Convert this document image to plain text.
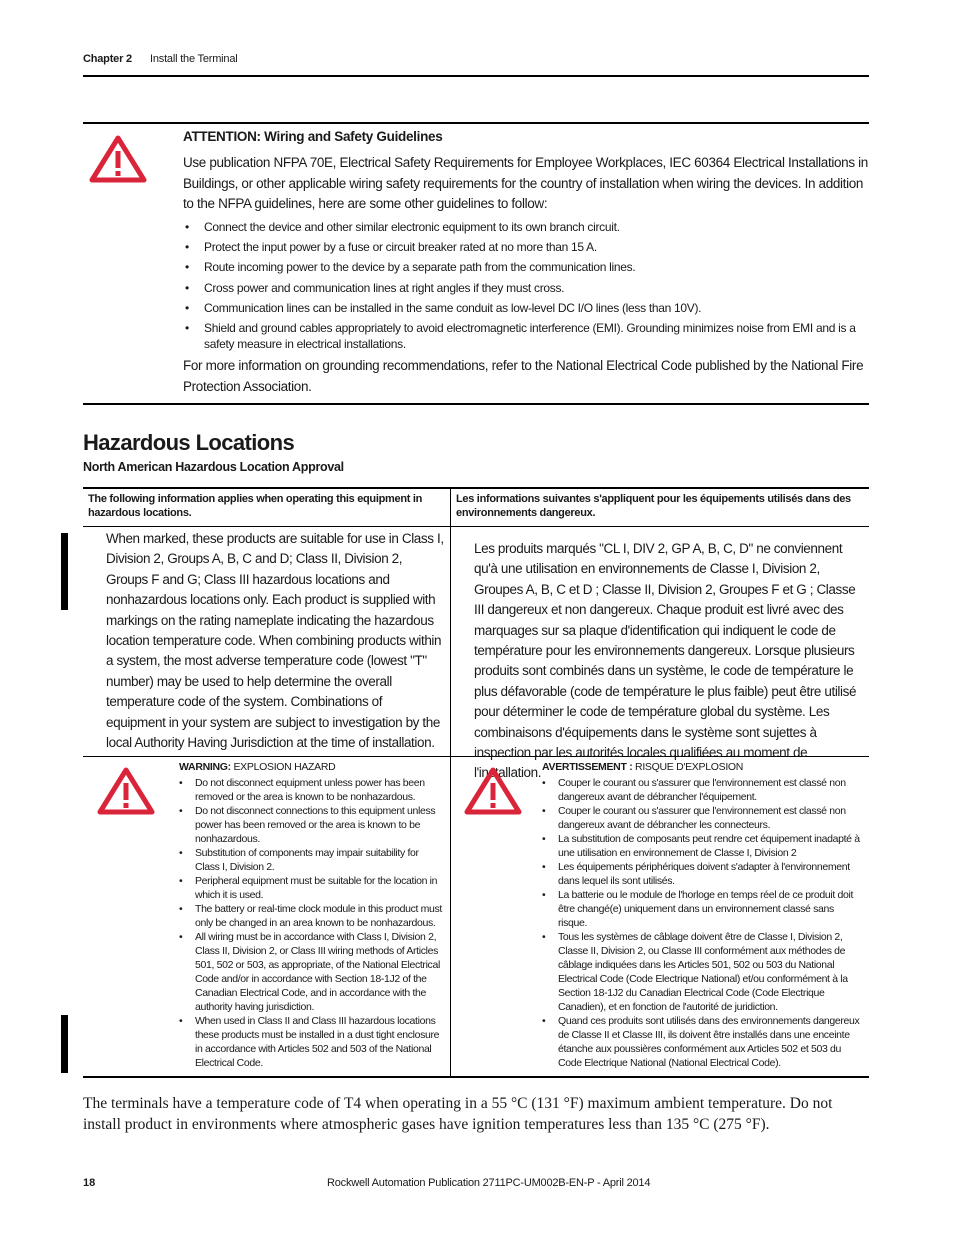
Chapter 2 Install the Terminal
ATTENTION: Wiring and Safety Guidelines
Use publication NFPA 70E, Electrical Safety Requirements for Employee Workplaces, IEC 60364 Electrical Installations in Buildings, or other applicable wiring safety requirements for the country of installation when wiring the devices. In addition to the NFPA guidelines, here are some other guidelines to follow:
• Connect the device and other similar electronic equipment to its own branch circuit.
• Protect the input power by a fuse or circuit breaker rated at no more than 15 A.
• Route incoming power to the device by a separate path from the communication lines.
• Cross power and communication lines at right angles if they must cross.
• Communication lines can be installed in the same conduit as low-level DC I/O lines (less than 10V).
• Shield and ground cables appropriately to avoid electromagnetic interference (EMI). Grounding minimizes noise from EMI and is a safety measure in electrical installations.
For more information on grounding recommendations, refer to the National Electrical Code published by the National Fire Protection Association.
Hazardous Locations
North American Hazardous Location Approval
The following information applies when operating this equipment in hazardous locations.
Les informations suivantes s'appliquent pour les équipements utilisés dans des environnements dangereux.
When marked, these products are suitable for use in Class I, Division 2, Groups A, B, C and D; Class II, Division 2, Groups F and G; Class III hazardous locations and nonhazardous locations only. Each product is supplied with markings on the rating nameplate indicating the hazardous location temperature code. When combining products within a system, the most adverse temperature code (lowest "T" number) may be used to help determine the overall temperature code of the system. Combinations of equipment in your system are subject to investigation by the local Authority Having Jurisdiction at the time of installation.
Les produits marqués "CL I, DIV 2, GP A, B, C, D" ne conviennent qu'à une utilisation en environnements de Classe I, Division 2, Groupes A, B, C et D ; Classe II, Division 2, Groupes F et G ; Classe III dangereux et non dangereux. Chaque produit est livré avec des marquages sur sa plaque d'identification qui indiquent le code de température pour les environnements dangereux. Lorsque plusieurs produits sont combinés dans un système, le code de température le plus défavorable (code de température le plus faible) peut être utilisé pour déterminer le code de température global du système. Les combinaisons d'équipements dans le système sont sujettes à inspection par les autorités locales qualifiées au moment de l'installation.
WARNING: EXPLOSION HAZARD
• Do not disconnect equipment unless power has been removed or the area is known to be nonhazardous.
• Do not disconnect connections to this equipment unless power has been removed or the area is known to be nonhazardous.
• Substitution of components may impair suitability for Class I, Division 2.
• Peripheral equipment must be suitable for the location in which it is used.
• The battery or real-time clock module in this product must only be changed in an area known to be nonhazardous.
• All wiring must be in accordance with Class I, Division 2, Class II, Division 2, or Class III wiring methods of Articles 501, 502 or 503, as appropriate, of the National Electrical Code and/or in accordance with Section 18-1J2 of the Canadian Electrical Code, and in accordance with the authority having jurisdiction.
• When used in Class II and Class III hazardous locations these products must be installed in a dust tight enclosure in accordance with Articles 502 and 503 of the National Electrical Code.
AVERTISSEMENT : RISQUE D'EXPLOSION
• Couper le courant ou s'assurer que l'environnement est classé non dangereux avant de débrancher l'équipement.
• Couper le courant ou s'assurer que l'environnement est classé non dangereux avant de débrancher les connecteurs.
• La substitution de composants peut rendre cet équipement inadapté à une utilisation en environnement de Classe I, Division 2
• Les équipements périphériques doivent s'adapter à l'environnement dans lequel ils sont utilisés.
• La batterie ou le module de l'horloge en temps réel de ce produit doit être changé(e) uniquement dans un environnement classé sans risque.
• Tous les systèmes de câblage doivent être de Classe I, Division 2, Classe II, Division 2, ou Classe III conformément aux méthodes de câblage indiquées dans les Articles 501, 502 ou 503 du National Electrical Code (Code Electrique National) et/ou conformément à la Section 18-1J2 du Canadian Electrical Code (Code Electrique Canadien), et en fonction de l'autorité de juridiction.
• Quand ces produits sont utilisés dans des environnements dangereux de Classe II et Classe III, ils doivent être installés dans une enceinte étanche aux poussières conformément aux Articles 502 et 503 du Code Electrique National (National Electrical Code).
The terminals have a temperature code of T4 when operating in a 55 °C (131 °F) maximum ambient temperature. Do not install product in environments where atmospheric gases have ignition temperatures less than 135 °C (275 °F).
18	Rockwell Automation Publication 2711PC-UM002B-EN-P - April 2014
